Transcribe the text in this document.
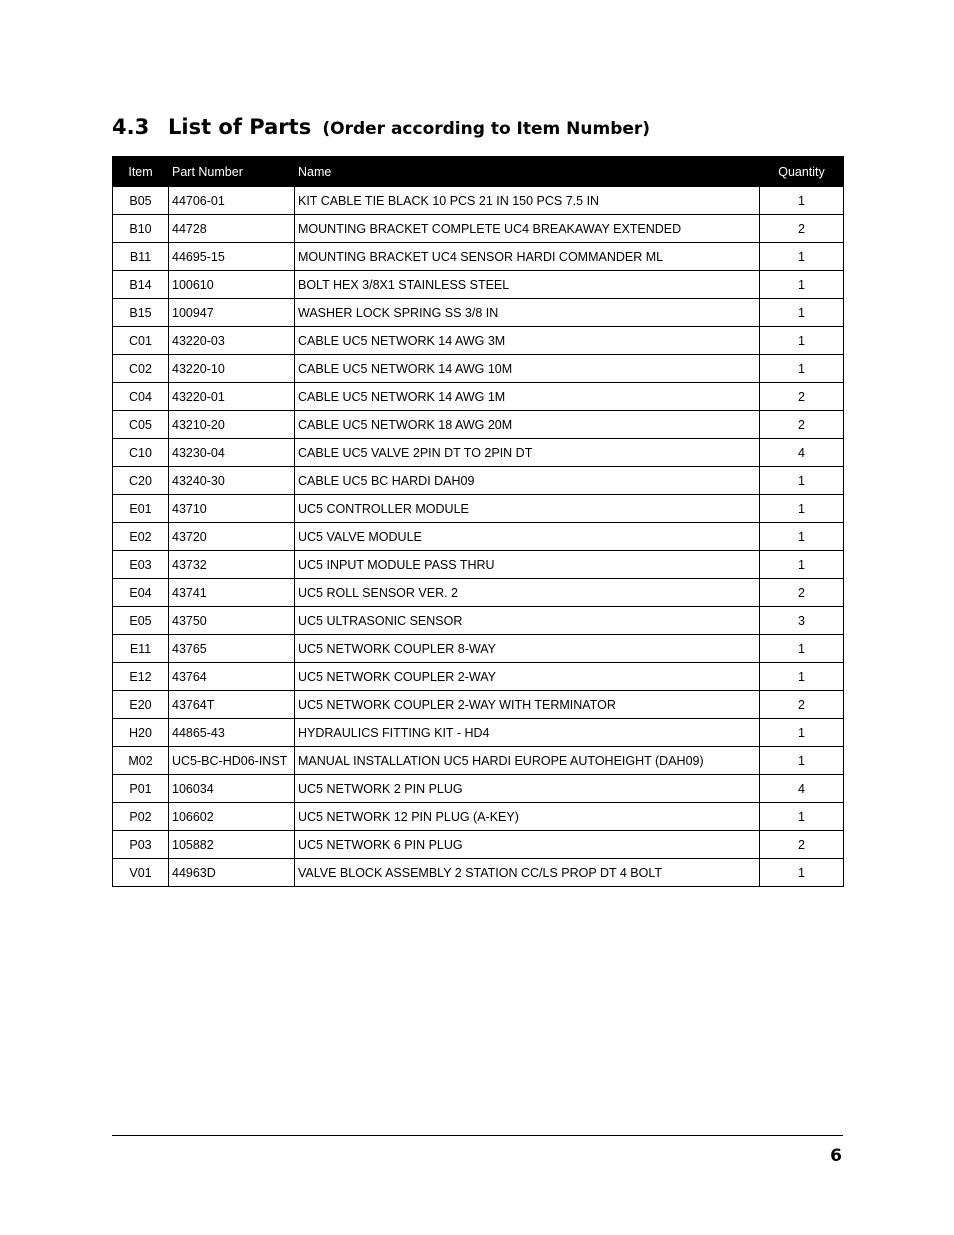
4.3 List of Parts (Order according to Item Number)
Item	Part Number	Name	Quantity
B05	44706-01	KIT CABLE TIE BLACK 10 PCS 21 IN 150 PCS 7.5 IN	1
B10	44728	MOUNTING BRACKET COMPLETE UC4 BREAKAWAY EXTENDED	2
B11	44695-15	MOUNTING BRACKET UC4 SENSOR HARDI COMMANDER ML	1
B14	100610	BOLT HEX 3/8X1 STAINLESS STEEL	1
B15	100947	WASHER LOCK SPRING SS 3/8 IN	1
C01	43220-03	CABLE UC5 NETWORK 14 AWG 3M	1
C02	43220-10	CABLE UC5 NETWORK 14 AWG 10M	1
C04	43220-01	CABLE UC5 NETWORK 14 AWG 1M	2
C05	43210-20	CABLE UC5 NETWORK 18 AWG 20M	2
C10	43230-04	CABLE UC5 VALVE 2PIN DT TO 2PIN DT	4
C20	43240-30	CABLE UC5 BC HARDI DAH09	1
E01	43710	UC5 CONTROLLER MODULE	1
E02	43720	UC5 VALVE MODULE	1
E03	43732	UC5 INPUT MODULE PASS THRU	1
E04	43741	UC5 ROLL SENSOR VER. 2	2
E05	43750	UC5 ULTRASONIC SENSOR	3
E11	43765	UC5 NETWORK COUPLER 8-WAY	1
E12	43764	UC5 NETWORK COUPLER 2-WAY	1
E20	43764T	UC5 NETWORK COUPLER 2-WAY WITH TERMINATOR	2
H20	44865-43	HYDRAULICS FITTING KIT - HD4	1
M02	UC5-BC-HD06-INST	MANUAL INSTALLATION UC5 HARDI EUROPE AUTOHEIGHT (DAH09)	1
P01	106034	UC5 NETWORK 2 PIN PLUG	4
P02	106602	UC5 NETWORK 12 PIN PLUG (A-KEY)	1
P03	105882	UC5 NETWORK 6 PIN PLUG	2
V01	44963D	VALVE BLOCK ASSEMBLY 2 STATION CC/LS PROP DT 4 BOLT	1
6
